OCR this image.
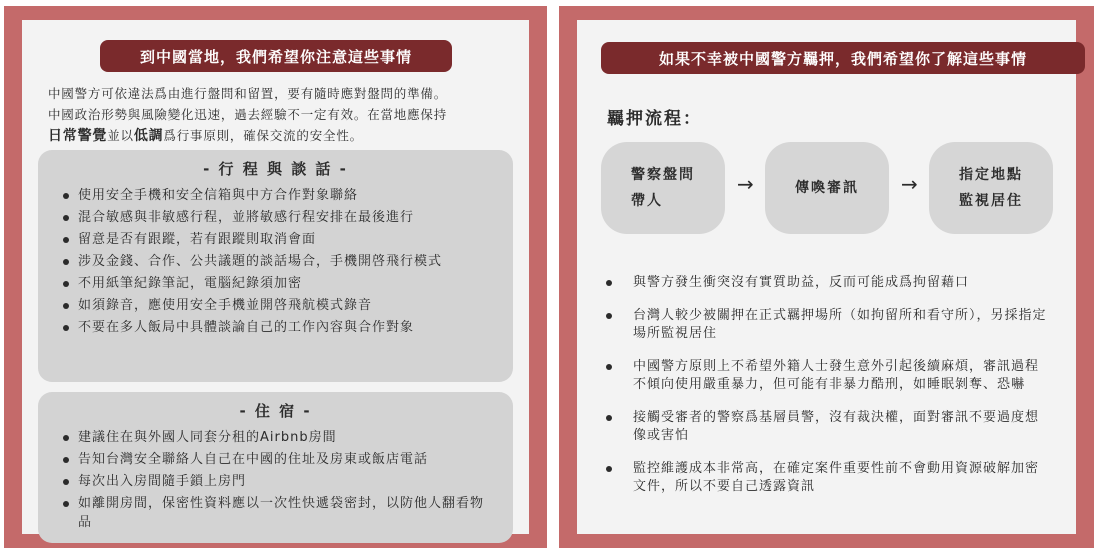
到中國當地，我們希望你注意這些事情
中國警方可依違法爲由進行盤問和留置，要有隨時應對盤問的準備。
中國政治形勢與風險變化迅速，過去經驗不一定有效。在當地應保持
日常警覺並以低調爲行事原則，確保交流的安全性。
- 行 程 與 談 話 -
使用安全手機和安全信箱與中方合作對象聯絡
混合敏感與非敏感行程，並將敏感行程安排在最後進行
留意是否有跟蹤，若有跟蹤則取消會面
涉及金錢、合作、公共議題的談話場合，手機開啓飛行模式
不用紙筆紀錄筆記，電腦紀錄須加密
如須錄音，應使用安全手機並開啓飛航模式錄音
不要在多人飯局中具體談論自己的工作內容與合作對象
- 住 宿 -
建議住在與外國人同套分租的Airbnb房間
告知台灣安全聯絡人自己在中國的住址及房東或飯店電話
每次出入房間隨手鎖上房門
如離開房間，保密性資料應以一次性快遞袋密封，以防他人翻看物品
如果不幸被中國警方羈押，我們希望你了解這些事情
羈押流程：
警察盤問
帶人
→	傳喚審訊 →	指定地點
監視居住
與警方發生衝突沒有實質助益，反而可能成爲拘留藉口
台灣人較少被關押在正式羈押場所（如拘留所和看守所），另採指定場所監視居住
中國警方原則上不希望外籍人士發生意外引起後續麻煩，審訊過程不傾向使用嚴重暴力，但可能有非暴力酷刑，如睡眠剝奪、恐嚇
接觸受審者的警察爲基層員警，沒有裁決權，面對審訊不要過度想像或害怕
監控維護成本非常高，在確定案件重要性前不會動用資源破解加密文件，所以不要自己透露資訊
